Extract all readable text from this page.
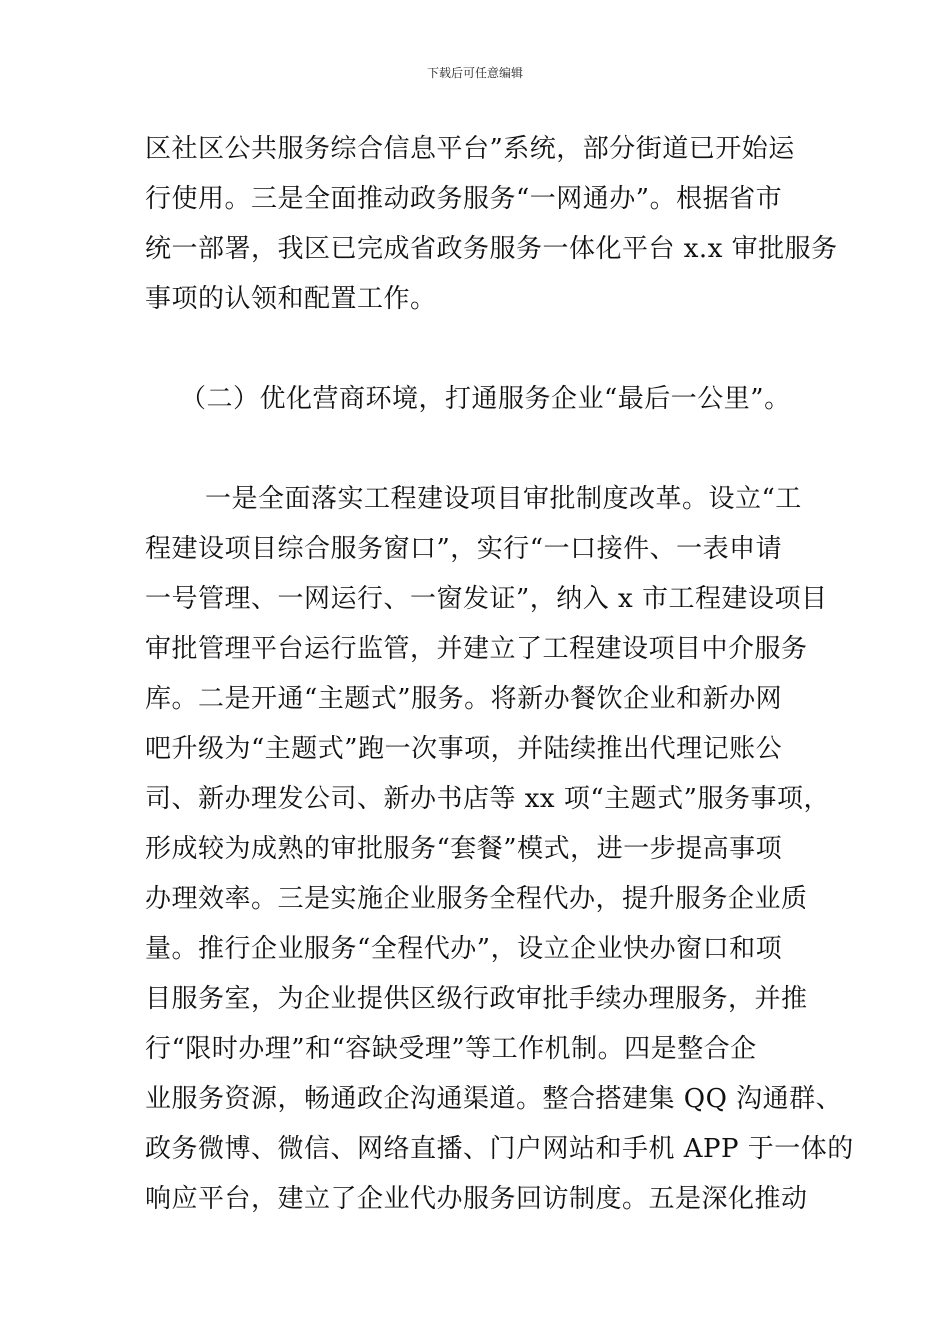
下载后可任意编辑
区社区公共服务综合信息平台”系统，部分街道已开始运
行使用。三是全面推动政务服务“一网通办”。根据省市
统一部署，我区已完成省政务服务一体化平台 x.x 审批服务
事项的认领和配置工作。
（二）优化营商环境，打通服务企业“最后一公里”。
一是全面落实工程建设项目审批制度改革。设立“工
程建设项目综合服务窗口”，实行“一口接件、一表申请
一号管理、一网运行、一窗发证”，纳入 x 市工程建设项目
审批管理平台运行监管，并建立了工程建设项目中介服务
库。二是开通“主题式”服务。将新办餐饮企业和新办网
吧升级为“主题式”跑一次事项，并陆续推出代理记账公
司、新办理发公司、新办书店等 xx 项“主题式”服务事项，
形成较为成熟的审批服务“套餐”模式，进一步提高事项
办理效率。三是实施企业服务全程代办，提升服务企业质
量。推行企业服务“全程代办”，设立企业快办窗口和项
目服务室，为企业提供区级行政审批手续办理服务，并推
行“限时办理”和“容缺受理”等工作机制。四是整合企
业服务资源，畅通政企沟通渠道。整合搭建集 QQ 沟通群、
政务微博、微信、网络直播、门户网站和手机 APP 于一体的
响应平台，建立了企业代办服务回访制度。五是深化推动
